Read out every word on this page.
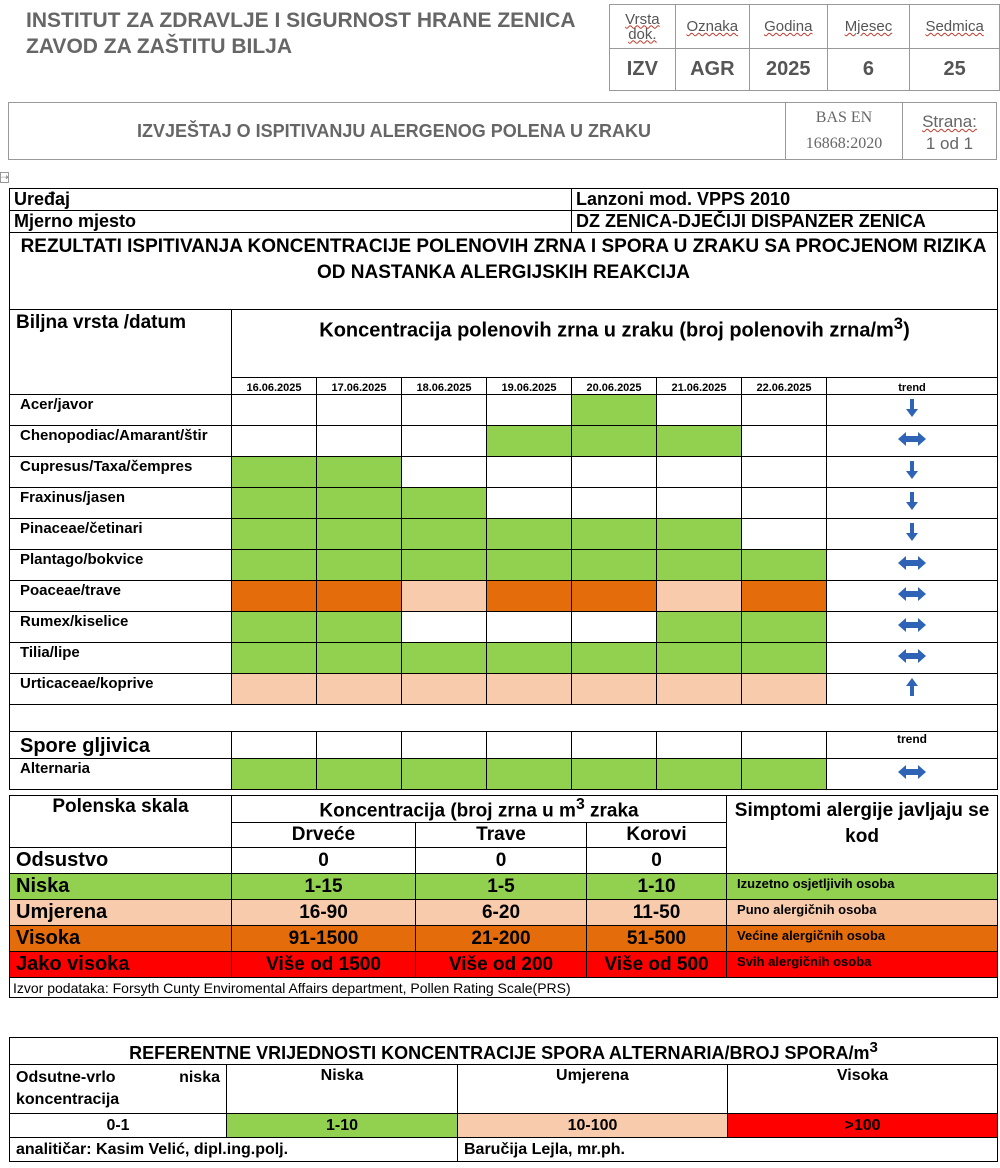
INSTITUT ZA ZDRAVLJE I SIGURNOST HRANE ZENICA
ZAVOD ZA ZAŠTITU BILJA
Vrsta dok.	Oznaka	Godina	Mjesec	Sedmica
IZV	AGR	2025	6	25
IZVJEŠTAJ O ISPITIVANJU ALERGENOG POLENA U ZRAKU
BAS EN
16868:2020
Strana:
1 od 1
⇢
Uređaj					Lanzoni mod. VPPS 2010			
Mjerno mjesto					DZ ZENICA-DJEČIJI DISPANZER ZENICA			
REZULTATI ISPITIVANJA KONCENTRACIJE POLENOVIH ZRNA I SPORA U ZRAKU SA PROCJENOM RIZIKA OD NASTANKA ALERGIJSKIH REAKCIJA								
Biljna vrsta /datum	Koncentracija polenovih zrna u zraku (broj polenovih zrna/$m^3$)							
	16.06.2025	17.06.2025	18.06.2025	19.06.2025	20.06.2025	21.06.2025	22.06.2025	trend
Acer/javor								
Chenopodiac/Amarant/štir								
Cupresus/Taxa/čempres								
Fraxinus/jasen								
Pinaceae/četinari								
Plantago/bokvice								
Poaceae/trave								
Rumex/kiselice								
Tilia/lipe								
Urticaceae/koprive								

Spore gljivica								trend
Alternaria								
Polenska skala	Koncentracija (broj zrna u $m^3$ zraka			Simptomi alergije javljaju se kod
	Drveće	Trave	Korovi	
Odsustvo	0	0	0	
Niska	1-15	1-5	1-10	Izuzetno osjetljivih osoba
Umjerena	16-90	6-20	11-50	Puno alergičnih osoba
Visoka	91-1500	21-200	51-500	Većine alergičnih osoba
Jako visoka	Više od 1500	Više od 200	Više od 500	Svih alergičnih osoba
Izvor podataka: Forsyth Cunty Enviromental Affairs department, Pollen Rating Scale(PRS)				
REFERENTNE VRIJEDNOSTI KONCENTRACIJE SPORA ALTERNARIA/BROJ SPORA/$m^3$
Odsutne-vrlo niska koncentracija	Niska	Umjerena	Visoka
0-1	1-10	10-100	>100
analitičar: Kasim Velić, dipl.ing.polj.		Baručija Lejla, mr.ph.	
